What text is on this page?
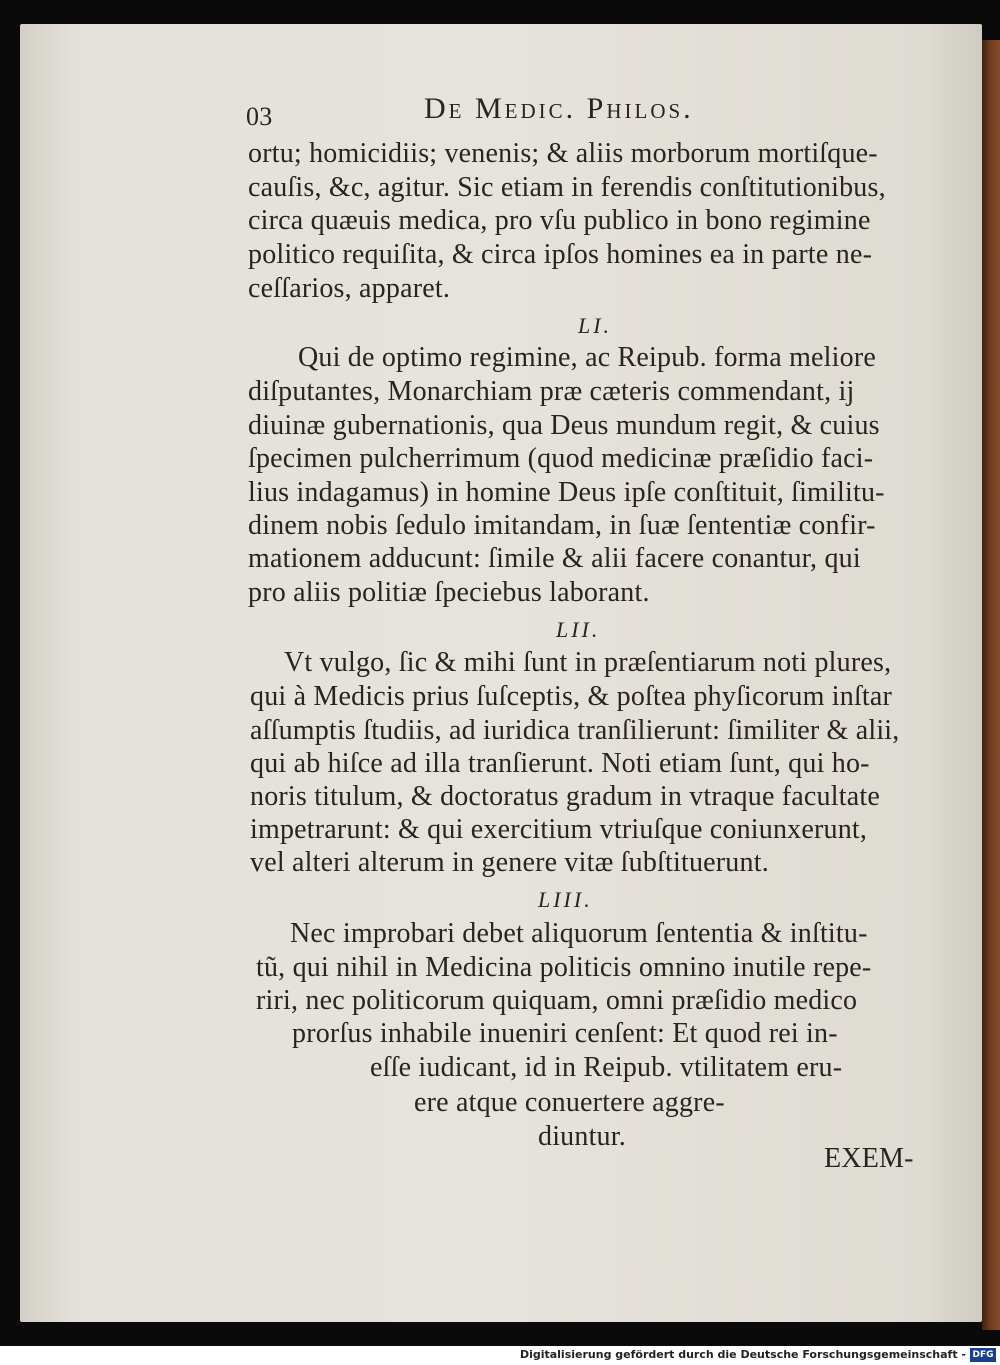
03	De Medic. Philos.
ortu; homicidiis; venenis; & aliis morborum mortiſque-
cauſis, &c, agitur. Sic etiam in ferendis conſtitutionibus,
circa quæuis medica, pro vſu publico in bono regimine
politico requiſita, & circa ipſos homines ea in parte ne-
ceſſarios, apparet.
LI.
Qui de optimo regimine, ac Reipub. forma meliore
diſputantes, Monarchiam præ cæteris commendant, ij
diuinæ gubernationis, qua Deus mundum regit, & cuius
ſpecimen pulcherrimum (quod medicinæ præſidio faci-
lius indagamus) in homine Deus ipſe conſtituit, ſimilitu-
dinem nobis ſedulo imitandam, in ſuæ ſententiæ confir-
mationem adducunt: ſimile & alii facere conantur, qui
pro aliis politiæ ſpeciebus laborant.
LII.
Vt vulgo, ſic & mihi ſunt in præſentiarum noti plures,
qui à Medicis prius ſuſceptis, & poſtea phyſicorum inſtar
aſſumptis ſtudiis, ad iuridica tranſilierunt: ſimiliter & alii,
qui ab hiſce ad illa tranſierunt. Noti etiam ſunt, qui ho-
noris titulum, & doctoratus gradum in vtraque facultate
impetrarunt: & qui exercitium vtriuſque coniunxerunt,
vel alteri alterum in genere vitæ ſubſtituerunt.
LIII.
Nec improbari debet aliquorum ſententia & inſtitu-
tũ, qui nihil in Medicina politicis omnino inutile repe-
riri, nec politicorum quiquam, omni præſidio medico
prorſus inhabile inueniri cenſent: Et quod rei in-
eſſe iudicant, id in Reipub. vtilitatem eru-
ere atque conuertere aggre-
diuntur.
EXEM-
Digitalisierung gefördert durch die Deutsche Forschungsgemeinschaft - DFG
